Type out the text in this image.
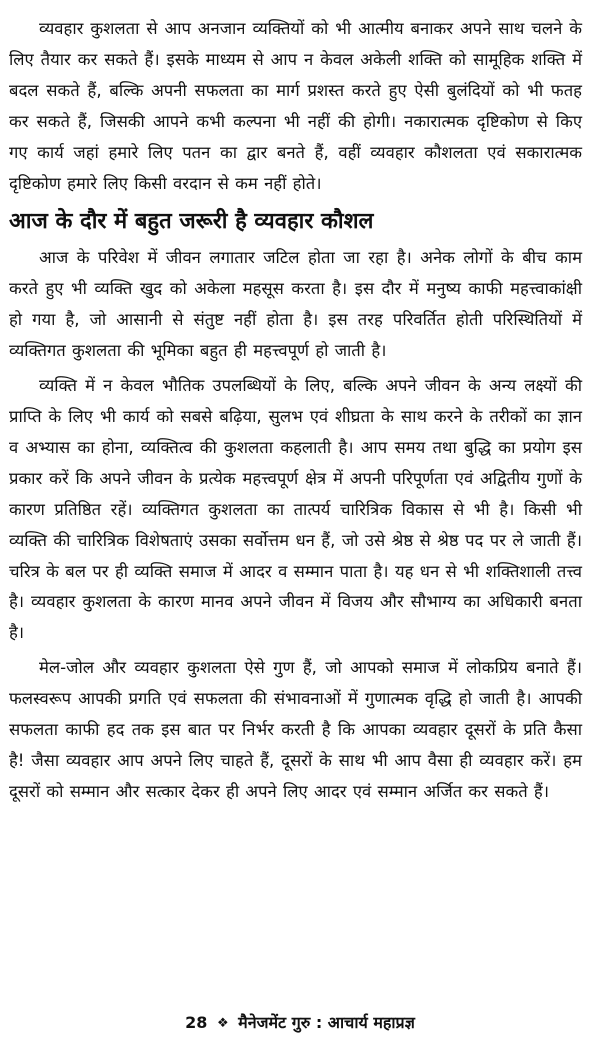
व्यवहार कुशलता से आप अनजान व्यक्तियों को भी आत्मीय बनाकर अपने साथ चलने के लिए तैयार कर सकते हैं। इसके माध्यम से आप न केवल अकेली शक्ति को सामूहिक शक्ति में बदल सकते हैं, बल्कि अपनी सफलता का मार्ग प्रशस्त करते हुए ऐसी बुलंदियों को भी फतह कर सकते हैं, जिसकी आपने कभी कल्पना भी नहीं की होगी। नकारात्मक दृष्टिकोण से किए गए कार्य जहां हमारे लिए पतन का द्वार बनते हैं, वहीं व्यवहार कौशलता एवं सकारात्मक दृष्टिकोण हमारे लिए किसी वरदान से कम नहीं होते।

आज के दौर में बहुत जरूरी है व्यवहार कौशल

आज के परिवेश में जीवन लगातार जटिल होता जा रहा है। अनेक लोगों के बीच काम करते हुए भी व्यक्ति खुद को अकेला महसूस करता है। इस दौर में मनुष्य काफी महत्त्वाकांक्षी हो गया है, जो आसानी से संतुष्ट नहीं होता है। इस तरह परिवर्तित होती परिस्थितियों में व्यक्तिगत कुशलता की भूमिका बहुत ही महत्त्वपूर्ण हो जाती है।

व्यक्ति में न केवल भौतिक उपलब्धियों के लिए, बल्कि अपने जीवन के अन्य लक्ष्यों की प्राप्ति के लिए भी कार्य को सबसे बढ़िया, सुलभ एवं शीघ्रता के साथ करने के तरीकों का ज्ञान व अभ्यास का होना, व्यक्तित्व की कुशलता कहलाती है। आप समय तथा बुद्धि का प्रयोग इस प्रकार करें कि अपने जीवन के प्रत्येक महत्त्वपूर्ण क्षेत्र में अपनी परिपूर्णता एवं अद्वितीय गुणों के कारण प्रतिष्ठित रहें। व्यक्तिगत कुशलता का तात्पर्य चारित्रिक विकास से भी है। किसी भी व्यक्ति की चारित्रिक विशेषताएं उसका सर्वोत्तम धन हैं, जो उसे श्रेष्ठ से श्रेष्ठ पद पर ले जाती हैं। चरित्र के बल पर ही व्यक्ति समाज में आदर व सम्मान पाता है। यह धन से भी शक्तिशाली तत्त्व है। व्यवहार कुशलता के कारण मानव अपने जीवन में विजय और सौभाग्य का अधिकारी बनता है।

मेल-जोल और व्यवहार कुशलता ऐसे गुण हैं, जो आपको समाज में लोकप्रिय बनाते हैं। फलस्वरूप आपकी प्रगति एवं सफलता की संभावनाओं में गुणात्मक वृद्धि हो जाती है। आपकी सफलता काफी हद तक इस बात पर निर्भर करती है कि आपका व्यवहार दूसरों के प्रति कैसा है! जैसा व्यवहार आप अपने लिए चाहते हैं, दूसरों के साथ भी आप वैसा ही व्यवहार करें। हम दूसरों को सम्मान और सत्कार देकर ही अपने लिए आदर एवं सम्मान अर्जित कर सकते हैं।

28 ❖ मैनेजमेंट गुरु : आचार्य महाप्रज्ञ
